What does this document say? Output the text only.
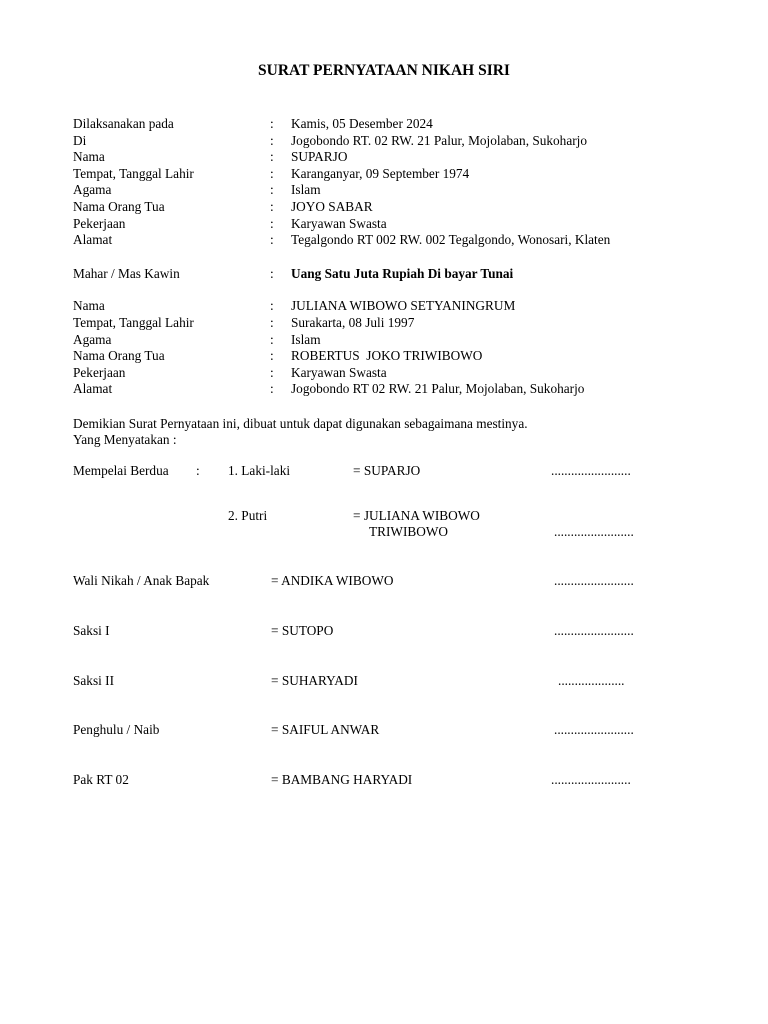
SURAT PERNYATAAN NIKAH SIRI
Dilaksanakan pada	: Kamis, 05 Desember 2024
Di	: Jogobondo RT. 02 RW. 21 Palur, Mojolaban, Sukoharjo
Nama	: SUPARJO
Tempat, Tanggal Lahir	: Karanganyar, 09 September 1974
Agama	: Islam
Nama Orang Tua	: JOYO SABAR
Pekerjaan	: Karyawan Swasta
Alamat	: Tegalgondo RT 002 RW. 002 Tegalgondo, Wonosari, Klaten
Mahar / Mas Kawin	: Uang Satu Juta Rupiah Di bayar Tunai
Nama	: JULIANA WIBOWO SETYANINGRUM
Tempat, Tanggal Lahir	: Surakarta, 08 Juli 1997
Agama	: Islam
Nama Orang Tua	: ROBERTUS  JOKO TRIWIBOWO
Pekerjaan	: Karyawan Swasta
Alamat	: Jogobondo RT 02 RW. 21 Palur, Mojolaban, Sukoharjo
Demikian Surat Pernyataan ini, dibuat untuk dapat digunakan sebagaimana mestinya.
Yang Menyatakan :
Mempelai Berdua : 1. Laki-laki	= SUPARJO	........................
2. Putri	= JULIANA WIBOWO
TRIWIBOWO	........................
Wali Nikah / Anak Bapak	= ANDIKA WIBOWO	........................
Saksi I	= SUTOPO	........................
Saksi II	= SUHARYADI	....................
Penghulu / Naib	= SAIFUL ANWAR	........................
Pak RT 02	= BAMBANG HARYADI	........................
